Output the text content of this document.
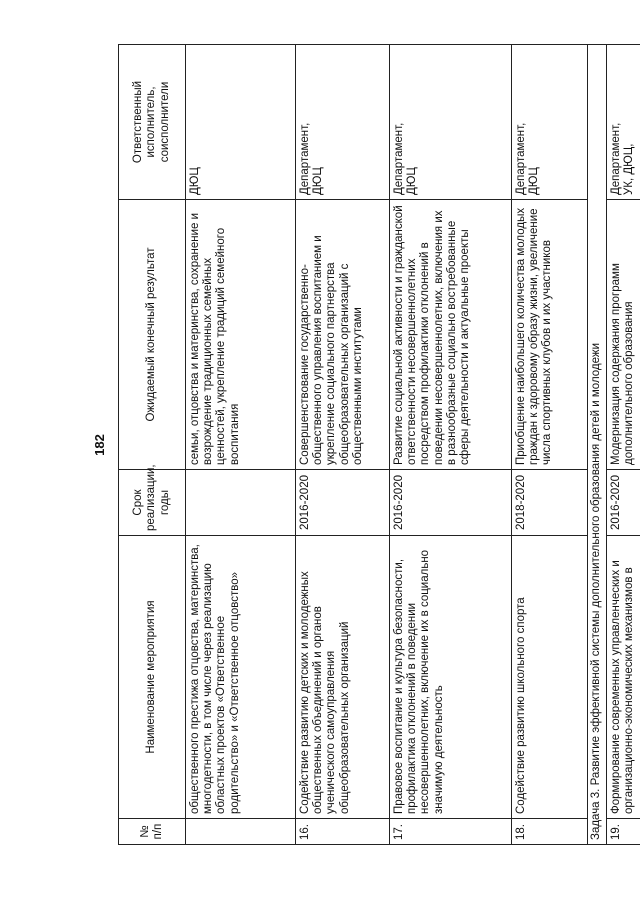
182
№
п/п	Наименование мероприятия	Срок
реализации,
годы	Ожидаемый конечный результат	Ответственный
исполнитель,
соисполнители
	общественного престижа отцовства, материнства, многодетности, в том числе через реализацию областных проектов «Ответственное родительство» и «Ответственное отцовство»		семьи, отцовства и материнства, сохранение и возрождение традиционных семейных ценностей, укрепление традиций семейного воспитания	ДЮЦ
16.	Содействие развитию детских и молодежных общественных объединений и органов ученического самоуправления общеобразовательных организаций	2016-2020	Совершенствование государственно-общественного управления воспитанием и укрепление социального партнерства общеобразовательных организаций с общественными институтами	Департамент,
ДЮЦ
17.	Правовое воспитание и культура безопасности, профилактика отклонений в поведении несовершеннолетних, включение их в социально значимую деятельность	2016-2020	Развитие социальной активности и гражданской ответственности несовершеннолетних посредством профилактики отклонений в поведении несовершеннолетних, включения их в разнообразные социально востребованные сферы деятельности и актуальные проекты	Департамент,
ДЮЦ
18.	Содействие развитию школьного спорта	2018-2020	Приобщение наибольшего количества молодых граждан к здоровому образу жизни, увеличение числа спортивных клубов и их участников	Департамент,
ДЮЦ
Задача 3. Развитие эффективной системы дополнительного образования детей и молодежи				
19.	Формирование современных управленческих и организационно-экономических механизмов в	2016-2020	Модернизация содержания программ дополнительного образования	Департамент,
УК, ДЮЦ,
